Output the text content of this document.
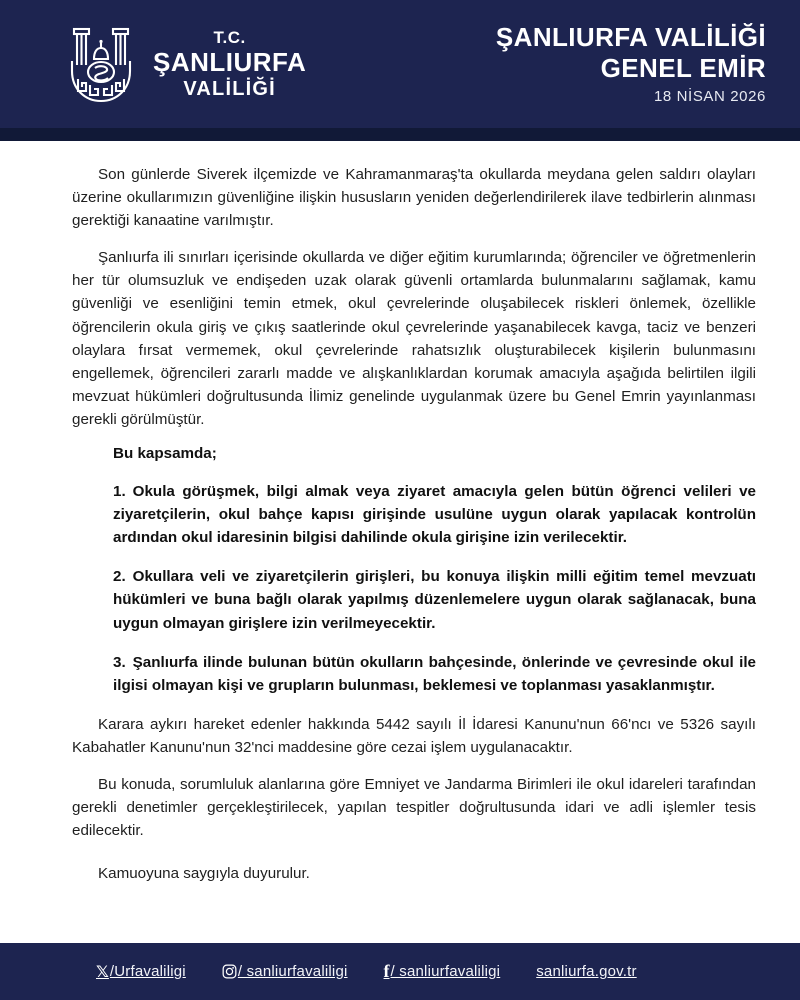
T.C.
ŞANLIURFA
VALİLİĞİ
ŞANLIURFA VALİLİĞİ
GENEL EMİR
18 NİSAN 2026

Son günlerde Siverek ilçemizde ve Kahramanmaraş'ta okullarda meydana gelen saldırı olayları üzerine okullarımızın güvenliğine ilişkin hususların yeniden değerlendirilerek ilave tedbirlerin alınması gerektiği kanaatine varılmıştır.

Şanlıurfa ili sınırları içerisinde okullarda ve diğer eğitim kurumlarında; öğrenciler ve öğretmenlerin her tür olumsuzluk ve endişeden uzak olarak güvenli ortamlarda bulunmalarını sağlamak, kamu güvenliği ve esenliğini temin etmek, okul çevrelerinde oluşabilecek riskleri önlemek, özellikle öğrencilerin okula giriş ve çıkış saatlerinde okul çevrelerinde yaşanabilecek kavga, taciz ve benzeri olaylara fırsat vermemek, okul çevrelerinde rahatsızlık oluşturabilecek kişilerin bulunmasını engellemek, öğrencileri zararlı madde ve alışkanlıklardan korumak amacıyla aşağıda belirtilen ilgili mevzuat hükümleri doğrultusunda İlimiz genelinde uygulanmak üzere bu Genel Emrin yayınlanması gerekli görülmüştür.

Bu kapsamda;

1. Okula görüşmek, bilgi almak veya ziyaret amacıyla gelen bütün öğrenci velileri ve ziyaretçilerin, okul bahçe kapısı girişinde usulüne uygun olarak yapılacak kontrolün ardından okul idaresinin bilgisi dahilinde okula girişine izin verilecektir.

2. Okullara veli ve ziyaretçilerin girişleri, bu konuya ilişkin milli eğitim temel mevzuatı hükümleri ve buna bağlı olarak yapılmış düzenlemelere uygun olarak sağlanacak, buna uygun olmayan girişlere izin verilmeyecektir.

3. Şanlıurfa ilinde bulunan bütün okulların bahçesinde, önlerinde ve çevresinde okul ile ilgisi olmayan kişi ve grupların bulunması, beklemesi ve toplanması yasaklanmıştır.

Karara aykırı hareket edenler hakkında 5442 sayılı İl İdaresi Kanunu'nun 66'ncı ve 5326 sayılı Kabahatler Kanunu'nun 32'nci maddesine göre cezai işlem uygulanacaktır.

Bu konuda, sorumluluk alanlarına göre Emniyet ve Jandarma Birimleri ile okul idareleri tarafından gerekli denetimler gerçekleştirilecek, yapılan tespitler doğrultusunda idari ve adli işlemler tesis edilecektir.

Kamuoyuna saygıyla duyurulur.

𝕏 /Urfavaliligi	/ sanliurfavaliligi f / sanliurfavaliligi sanliurfa.gov.tr
